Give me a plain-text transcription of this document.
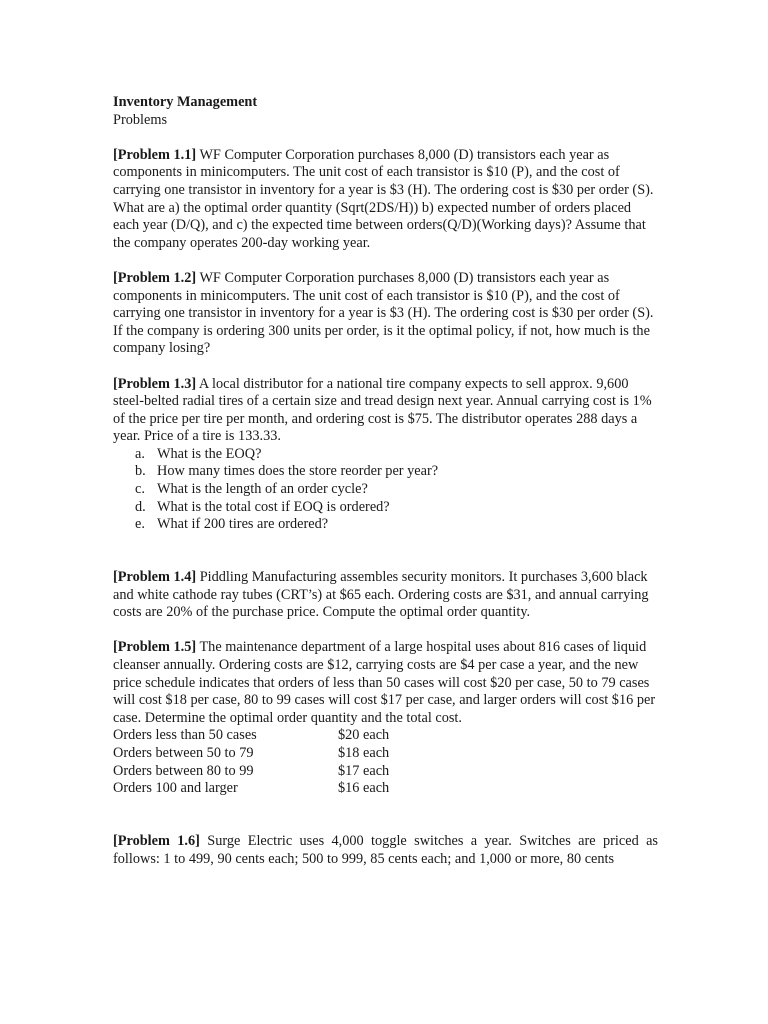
Inventory Management
Problems
[Problem 1.1] WF Computer Corporation purchases 8,000 (D) transistors each year as components in minicomputers. The unit cost of each transistor is $10 (P), and the cost of carrying one transistor in inventory for a year is $3 (H). The ordering cost is $30 per order (S).
What are a) the optimal order quantity (Sqrt(2DS/H)) b) expected number of orders placed each year (D/Q), and c) the expected time between orders(Q/D)(Working days)? Assume that the company operates 200-day working year.
[Problem 1.2] WF Computer Corporation purchases 8,000 (D) transistors each year as components in minicomputers. The unit cost of each transistor is $10 (P), and the cost of carrying one transistor in inventory for a year is $3 (H). The ordering cost is $30 per order (S). If the company is ordering 300 units per order, is it the optimal policy, if not, how much is the company losing?
[Problem 1.3] A local distributor for a national tire company expects to sell approx. 9,600 steel-belted radial tires of a certain size and tread design next year. Annual carrying cost is 1% of the price per tire per month, and ordering cost is $75. The distributor operates 288 days a year. Price of a tire is 133.33.
a. What is the EOQ?
b. How many times does the store reorder per year?
c. What is the length of an order cycle?
d. What is the total cost if EOQ is ordered?
e. What if 200 tires are ordered?
[Problem 1.4] Piddling Manufacturing assembles security monitors. It purchases 3,600 black and white cathode ray tubes (CRT’s) at $65 each. Ordering costs are $31, and annual carrying costs are 20% of the purchase price. Compute the optimal order quantity.
[Problem 1.5] The maintenance department of a large hospital uses about 816 cases of liquid cleanser annually. Ordering costs are $12, carrying costs are $4 per case a year, and the new price schedule indicates that orders of less than 50 cases will cost $20 per case, 50 to 79 cases will cost $18 per case, 80 to 99 cases will cost $17 per case, and larger orders will cost $16 per case. Determine the optimal order quantity and the total cost.
Orders less than 50 cases	$20 each
Orders between 50 to 79	$18 each
Orders between 80 to 99	$17 each
Orders 100 and larger	$16 each
[Problem 1.6] Surge Electric uses 4,000 toggle switches a year. Switches are priced as follows: 1 to 499, 90 cents each; 500 to 999, 85 cents each; and 1,000 or more, 80 cents
